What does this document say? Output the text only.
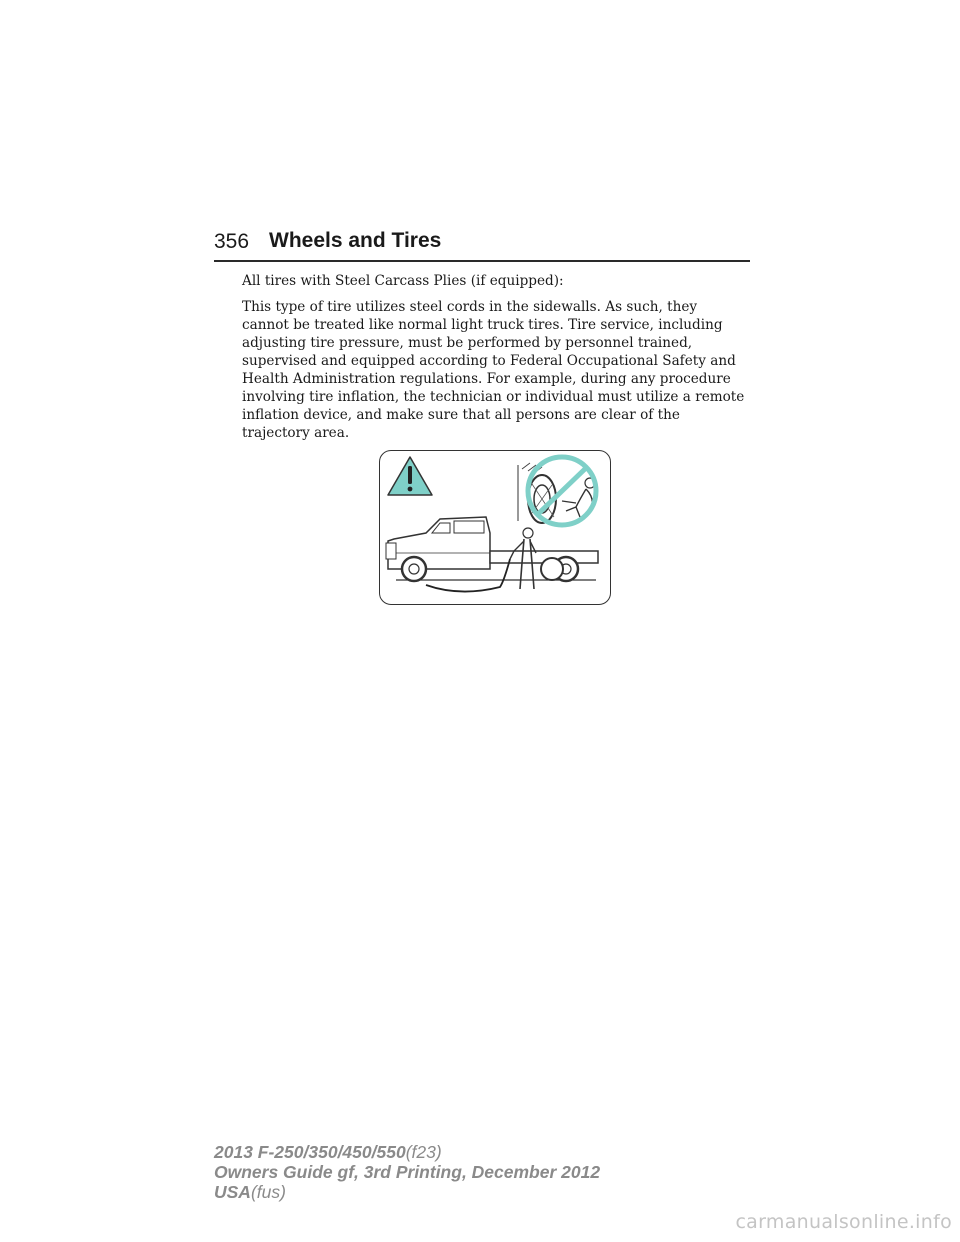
356 Wheels and Tires

All tires with Steel Carcass Plies (if equipped):

This type of tire utilizes steel cords in the sidewalls. As such, they cannot be treated like normal light truck tires. Tire service, including adjusting tire pressure, must be performed by personnel trained, supervised and equipped according to Federal Occupational Safety and Health Administration regulations. For example, during any procedure involving tire inflation, the technician or individual must utilize a remote inflation device, and make sure that all persons are clear of the trajectory area.

2013 F-250/350/450/550(f23)
Owners Guide gf, 3rd Printing, December 2012
USA(fus)
carmanualsonline.info
